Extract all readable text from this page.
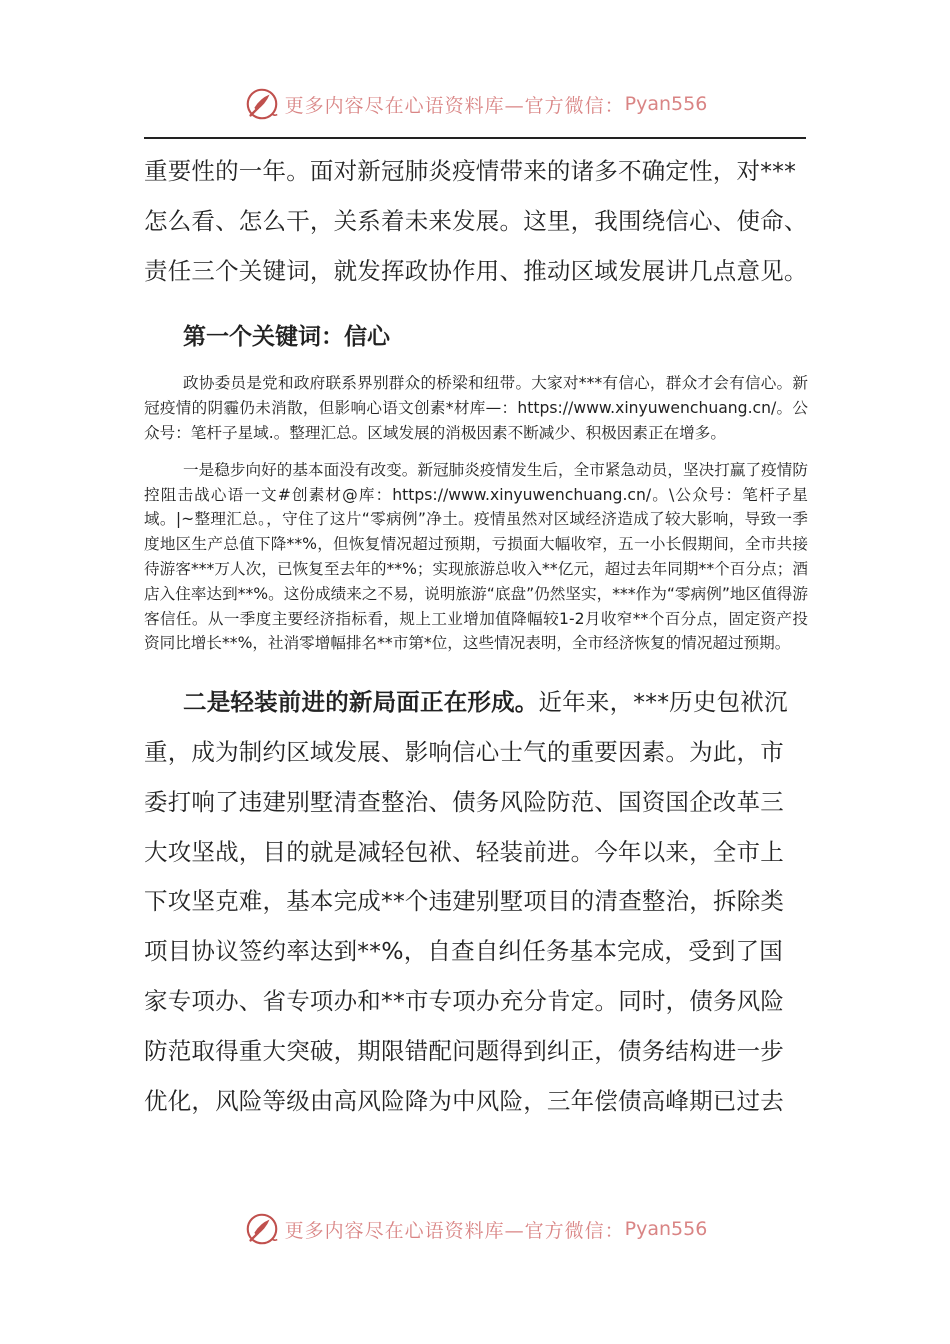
更多内容尽在心语资料库—官方微信： Pyan556

重要性的一年。面对新冠肺炎疫情带来的诸多不确定性，对***

怎么看、怎么干，关系着未来发展。这里，我围绕信心、使命、

责任三个关键词，就发挥政协作用、推动区域发展讲几点意见。

第一个关键词：信心

政协委员是党和政府联系界别群众的桥梁和纽带。大家对***有信心，群众才会有信心。新冠疫情的阴霾仍未消散，但影响心语文创素*材库—：https://www.xinyuwenchuang.cn/。公众号：笔杆子星域.。整理汇总。区域发展的消极因素不断减少、积极因素正在增多。

一是稳步向好的基本面没有改变。新冠肺炎疫情发生后，全市紧急动员，坚决打赢了疫情防控阻击战心语一文#创素材@库：https://www.xinyuwenchuang.cn/。\公众号：笔杆子星域。|~整理汇总。，守住了这片“零病例”净土。疫情虽然对区域经济造成了较大影响，导致一季度地区生产总值下降**%，但恢复情况超过预期，亏损面大幅收窄，五一小长假期间，全市共接待游客***万人次，已恢复至去年的**%；实现旅游总收入**亿元，超过去年同期**个百分点；酒店入住率达到**%。这份成绩来之不易，说明旅游“底盘”仍然坚实，***作为“零病例”地区值得游客信任。从一季度主要经济指标看，规上工业增加值降幅较1-2月收窄**个百分点，固定资产投资同比增长**%，社消零增幅排名**市第*位，这些情况表明，全市经济恢复的情况超过预期。

二是轻装前进的新局面正在形成。近年来，***历史包袱沉

重，成为制约区域发展、影响信心士气的重要因素。为此，市

委打响了违建别墅清查整治、债务风险防范、国资国企改革三

大攻坚战，目的就是减轻包袱、轻装前进。今年以来，全市上

下攻坚克难，基本完成**个违建别墅项目的清查整治，拆除类

项目协议签约率达到**%，自查自纠任务基本完成，受到了国

家专项办、省专项办和**市专项办充分肯定。同时，债务风险

防范取得重大突破，期限错配问题得到纠正，债务结构进一步

优化，风险等级由高风险降为中风险，三年偿债高峰期已过去

更多内容尽在心语资料库—官方微信： Pyan556
